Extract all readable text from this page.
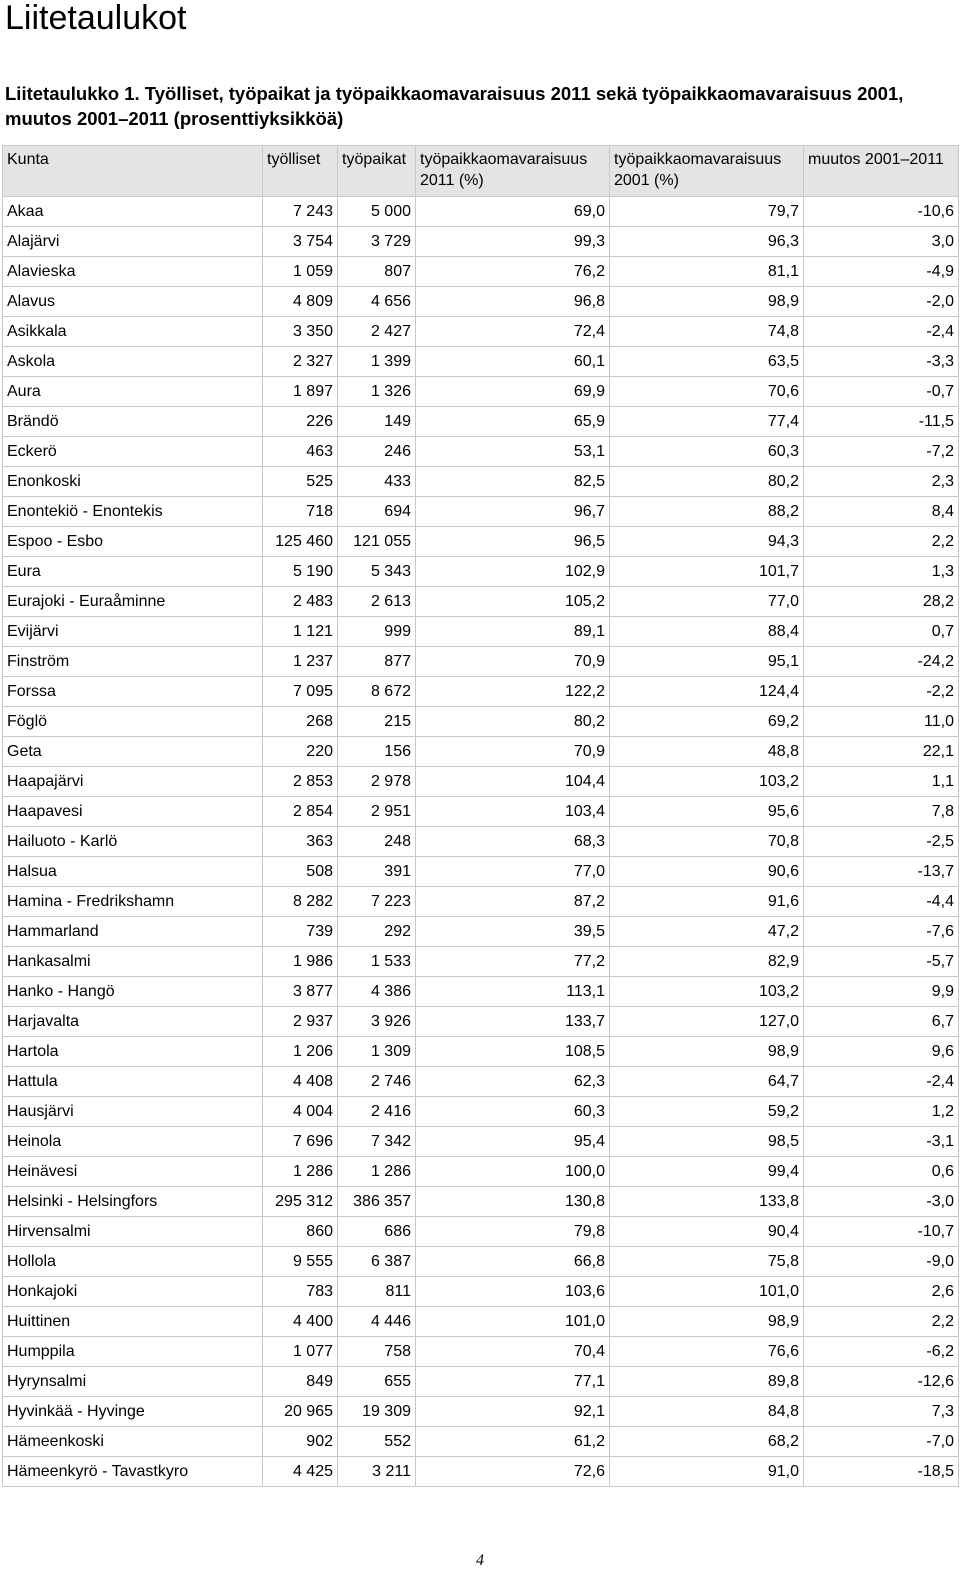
Liitetaulukot
Liitetaulukko 1. Työlliset, työpaikat ja työpaikkaomavaraisuus 2011 sekä työpaikkaomavaraisuus 2001, muutos 2001–2011 (prosenttiyksikköä)
Kunta	työlliset	työpaikat	työpaikkaomavaraisuus 2011 (%)	työpaikkaomavaraisuus 2001 (%)	muutos 2001–2011
Akaa	7 243	5 000	69,0	79,7	-10,6
Alajärvi	3 754	3 729	99,3	96,3	3,0
Alavieska	1 059	807	76,2	81,1	-4,9
Alavus	4 809	4 656	96,8	98,9	-2,0
Asikkala	3 350	2 427	72,4	74,8	-2,4
Askola	2 327	1 399	60,1	63,5	-3,3
Aura	1 897	1 326	69,9	70,6	-0,7
Brändö	226	149	65,9	77,4	-11,5
Eckerö	463	246	53,1	60,3	-7,2
Enonkoski	525	433	82,5	80,2	2,3
Enontekiö - Enontekis	718	694	96,7	88,2	8,4
Espoo - Esbo	125 460	121 055	96,5	94,3	2,2
Eura	5 190	5 343	102,9	101,7	1,3
Eurajoki - Euraåminne	2 483	2 613	105,2	77,0	28,2
Evijärvi	1 121	999	89,1	88,4	0,7
Finström	1 237	877	70,9	95,1	-24,2
Forssa	7 095	8 672	122,2	124,4	-2,2
Föglö	268	215	80,2	69,2	11,0
Geta	220	156	70,9	48,8	22,1
Haapajärvi	2 853	2 978	104,4	103,2	1,1
Haapavesi	2 854	2 951	103,4	95,6	7,8
Hailuoto - Karlö	363	248	68,3	70,8	-2,5
Halsua	508	391	77,0	90,6	-13,7
Hamina - Fredrikshamn	8 282	7 223	87,2	91,6	-4,4
Hammarland	739	292	39,5	47,2	-7,6
Hankasalmi	1 986	1 533	77,2	82,9	-5,7
Hanko - Hangö	3 877	4 386	113,1	103,2	9,9
Harjavalta	2 937	3 926	133,7	127,0	6,7
Hartola	1 206	1 309	108,5	98,9	9,6
Hattula	4 408	2 746	62,3	64,7	-2,4
Hausjärvi	4 004	2 416	60,3	59,2	1,2
Heinola	7 696	7 342	95,4	98,5	-3,1
Heinävesi	1 286	1 286	100,0	99,4	0,6
Helsinki - Helsingfors	295 312	386 357	130,8	133,8	-3,0
Hirvensalmi	860	686	79,8	90,4	-10,7
Hollola	9 555	6 387	66,8	75,8	-9,0
Honkajoki	783	811	103,6	101,0	2,6
Huittinen	4 400	4 446	101,0	98,9	2,2
Humppila	1 077	758	70,4	76,6	-6,2
Hyrynsalmi	849	655	77,1	89,8	-12,6
Hyvinkää - Hyvinge	20 965	19 309	92,1	84,8	7,3
Hämeenkoski	902	552	61,2	68,2	-7,0
Hämeenkyrö - Tavastkyro	4 425	3 211	72,6	91,0	-18,5
4
